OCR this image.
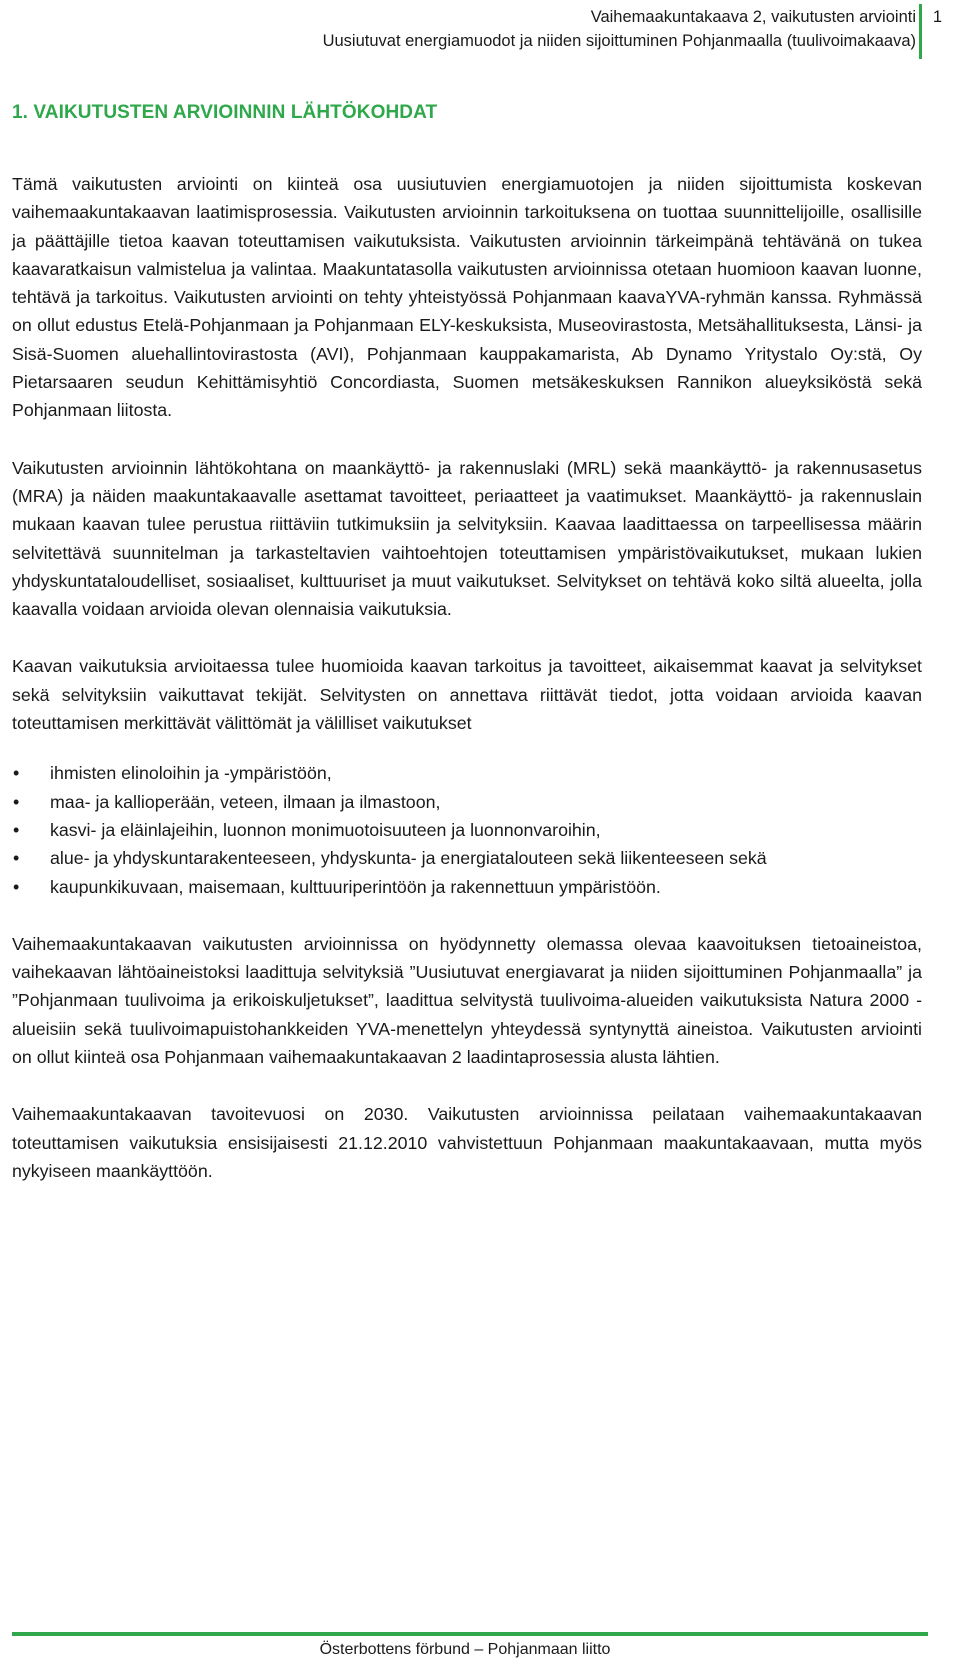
Vaihemaakuntakaava 2, vaikutusten arviointi
Uusiutuvat energiamuodot ja niiden sijoittuminen Pohjanmaalla (tuulivoimakaava)
1
1. VAIKUTUSTEN ARVIOINNIN LÄHTÖKOHDAT

Tämä vaikutusten arviointi on kiinteä osa uusiutuvien energiamuotojen ja niiden sijoittumista koskevan vaihemaakuntakaavan laatimisprosessia. Vaikutusten arvioinnin tarkoituksena on tuottaa suunnittelijoille, osallisille ja päättäjille tietoa kaavan toteuttamisen vaikutuksista. Vaikutusten arvioinnin tärkeimpänä tehtävänä on tukea kaavaratkaisun valmistelua ja valintaa. Maakuntatasolla vaikutusten arvioinnissa otetaan huomioon kaavan luonne, tehtävä ja tarkoitus. Vaikutusten arviointi on tehty yhteistyössä Pohjanmaan kaavaYVA-ryhmän kanssa. Ryhmässä on ollut edustus Etelä-Pohjanmaan ja Pohjanmaan ELY-keskuksista, Museovirastosta, Metsähallituksesta, Länsi- ja Sisä-Suomen aluehallintovirastosta (AVI), Pohjanmaan kauppakamarista, Ab Dynamo Yritystalo Oy:stä, Oy Pietarsaaren seudun Kehittämisyhtiö Concordiasta, Suomen metsäkeskuksen Rannikon alueyksiköstä sekä Pohjanmaan liitosta.

Vaikutusten arvioinnin lähtökohtana on maankäyttö- ja rakennuslaki (MRL) sekä maankäyttö- ja rakennusasetus (MRA) ja näiden maakuntakaavalle asettamat tavoitteet, periaatteet ja vaatimukset. Maankäyttö- ja rakennuslain mukaan kaavan tulee perustua riittäviin tutkimuksiin ja selvityksiin. Kaavaa laadittaessa on tarpeellisessa määrin selvitettävä suunnitelman ja tarkasteltavien vaihtoehtojen toteuttamisen ympäristövaikutukset, mukaan lukien yhdyskuntataloudelliset, sosiaaliset, kulttuuriset ja muut vaikutukset. Selvitykset on tehtävä koko siltä alueelta, jolla kaavalla voidaan arvioida olevan olennaisia vaikutuksia.

Kaavan vaikutuksia arvioitaessa tulee huomioida kaavan tarkoitus ja tavoitteet, aikaisemmat kaavat ja selvitykset sekä selvityksiin vaikuttavat tekijät. Selvitysten on annettava riittävät tiedot, jotta voidaan arvioida kaavan toteuttamisen merkittävät välittömät ja välilliset vaikutukset

• ihmisten elinoloihin ja -ympäristöön,
• maa- ja kallioperään, veteen, ilmaan ja ilmastoon,
• kasvi- ja eläinlajeihin, luonnon monimuotoisuuteen ja luonnonvaroihin,
• alue- ja yhdyskuntarakenteeseen, yhdyskunta- ja energiatalouteen sekä liikenteeseen sekä
• kaupunkikuvaan, maisemaan, kulttuuriperintöön ja rakennettuun ympäristöön.

Vaihemaakuntakaavan vaikutusten arvioinnissa on hyödynnetty olemassa olevaa kaavoituksen tietoaineistoa, vaihekaavan lähtöaineistoksi laadittuja selvityksiä ”Uusiutuvat energiavarat ja niiden sijoittuminen Pohjanmaalla” ja ”Pohjanmaan tuulivoima ja erikoiskuljetukset”, laadittua selvitystä tuulivoima-alueiden vaikutuksista Natura 2000 -alueisiin sekä tuulivoimapuistohankkeiden YVA-menettelyn yhteydessä syntynyttä aineistoa. Vaikutusten arviointi on ollut kiinteä osa Pohjanmaan vaihemaakuntakaavan 2 laadintaprosessia alusta lähtien.

Vaihemaakuntakaavan tavoitevuosi on 2030. Vaikutusten arvioinnissa peilataan vaihemaakuntakaavan toteuttamisen vaikutuksia ensisijaisesti 21.12.2010 vahvistettuun Pohjanmaan maakuntakaavaan, mutta myös nykyiseen maankäyttöön.

Österbottens förbund – Pohjanmaan liitto
